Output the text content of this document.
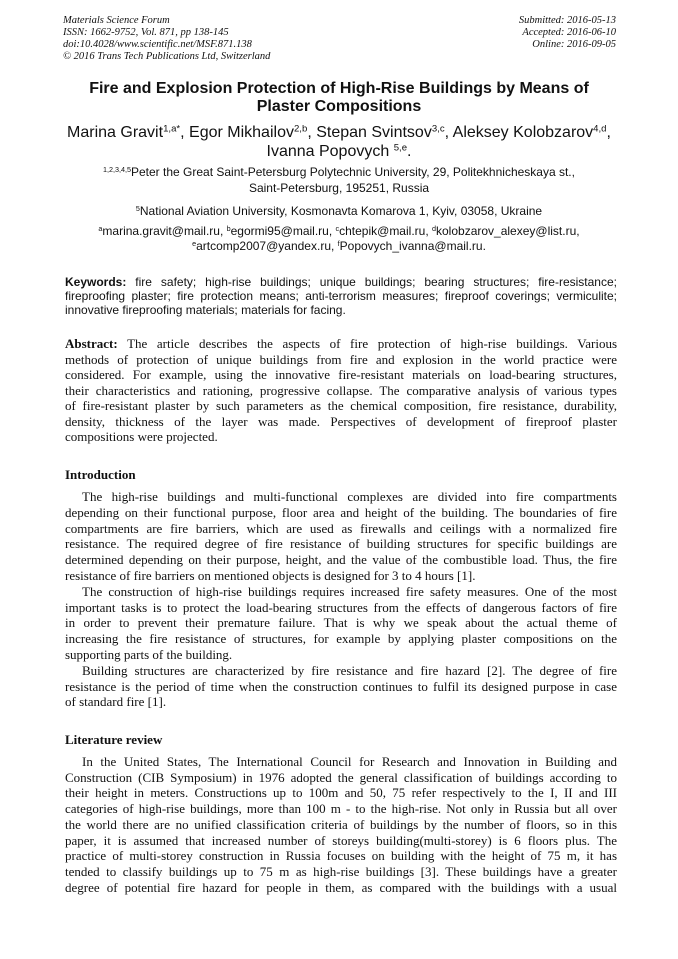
Materials Science Forum
ISSN: 1662-9752, Vol. 871, pp 138-145
doi:10.4028/www.scientific.net/MSF.871.138
© 2016 Trans Tech Publications Ltd, Switzerland
Submitted: 2016-05-13
Accepted: 2016-06-10
Online: 2016-09-05
Fire and Explosion Protection of High-Rise Buildings by Means of
Plaster Compositions
Marina Gravit$^{1,a*}$, Egor Mikhailov$^{2,b}$, Stepan Svintsov$^{3,c}$, Aleksey Kolobzarov$^{4,d}$,
Ivanna Popovych $^{5,e}$.
$^{1,2,3,4,5}$Peter the Great Saint-Petersburg Polytechnic University, 29, Politekhnicheskaya st.,
Saint-Petersburg, 195251, Russia
$^5$National Aviation University, Kosmonavta Komarova 1, Kyiv, 03058, Ukraine
$^a$marina.gravit@mail.ru, $^b$egormi95@mail.ru, $^c$chtepik@mail.ru, $^d$kolobzarov_alexey@list.ru,
$^e$artcomp2007@yandex.ru, $^f$Popovych_ivanna@mail.ru.
Keywords: fire safety; high-rise buildings; unique buildings; bearing structures; fire-resistance;
fireproofing plaster; fire protection means; anti-terrorism measures; fireproof coverings; vermiculite;
innovative fireproofing materials; materials for facing.
Abstract: The article describes the aspects of fire protection of high-rise buildings. Various
methods of protection of unique buildings from fire and explosion in the world practice were
considered. For example, using the innovative fire-resistant materials on load-bearing structures,
their characteristics and rationing, progressive collapse. The comparative analysis of various types
of fire-resistant plaster by such parameters as the chemical composition, fire resistance, durability,
density, thickness of the layer was made. Perspectives of development of fireproof plaster
compositions were projected.
Introduction
The high-rise buildings and multi-functional complexes are divided into fire compartments
depending on their functional purpose, floor area and height of the building. The boundaries of fire
compartments are fire barriers, which are used as firewalls and ceilings with a normalized fire
resistance. The required degree of fire resistance of building structures for specific buildings are
determined depending on their purpose, height, and the value of the combustible load. Thus, the fire
resistance of fire barriers on mentioned objects is designed for 3 to 4 hours [1].
The construction of high-rise buildings requires increased fire safety measures. One of the most
important tasks is to protect the load-bearing structures from the effects of dangerous factors of fire
in order to prevent their premature failure. That is why we speak about the actual theme of
increasing the fire resistance of structures, for example by applying plaster compositions on the
supporting parts of the building.
Building structures are characterized by fire resistance and fire hazard [2]. The degree of fire
resistance is the period of time when the construction continues to fulfil its designed purpose in case
of standard fire [1].
Literature review
In the United States, The International Council for Research and Innovation in Building and
Construction (CIB Symposium) in 1976 adopted the general classification of buildings according to
their height in meters. Constructions up to 100m and 50, 75 refer respectively to the I, II and III
categories of high-rise buildings, more than 100 m - to the high-rise. Not only in Russia but all over
the world there are no unified classification criteria of buildings by the number of floors, so in this
paper, it is assumed that increased number of storeys building(multi-storey) is 6 floors plus. The
practice of multi-storey construction in Russia focuses on building with the height of 75 m, it has
tended to classify buildings up to 75 m as high-rise buildings [3]. These buildings have a greater
degree of potential fire hazard for people in them, as compared with the buildings with a usual
